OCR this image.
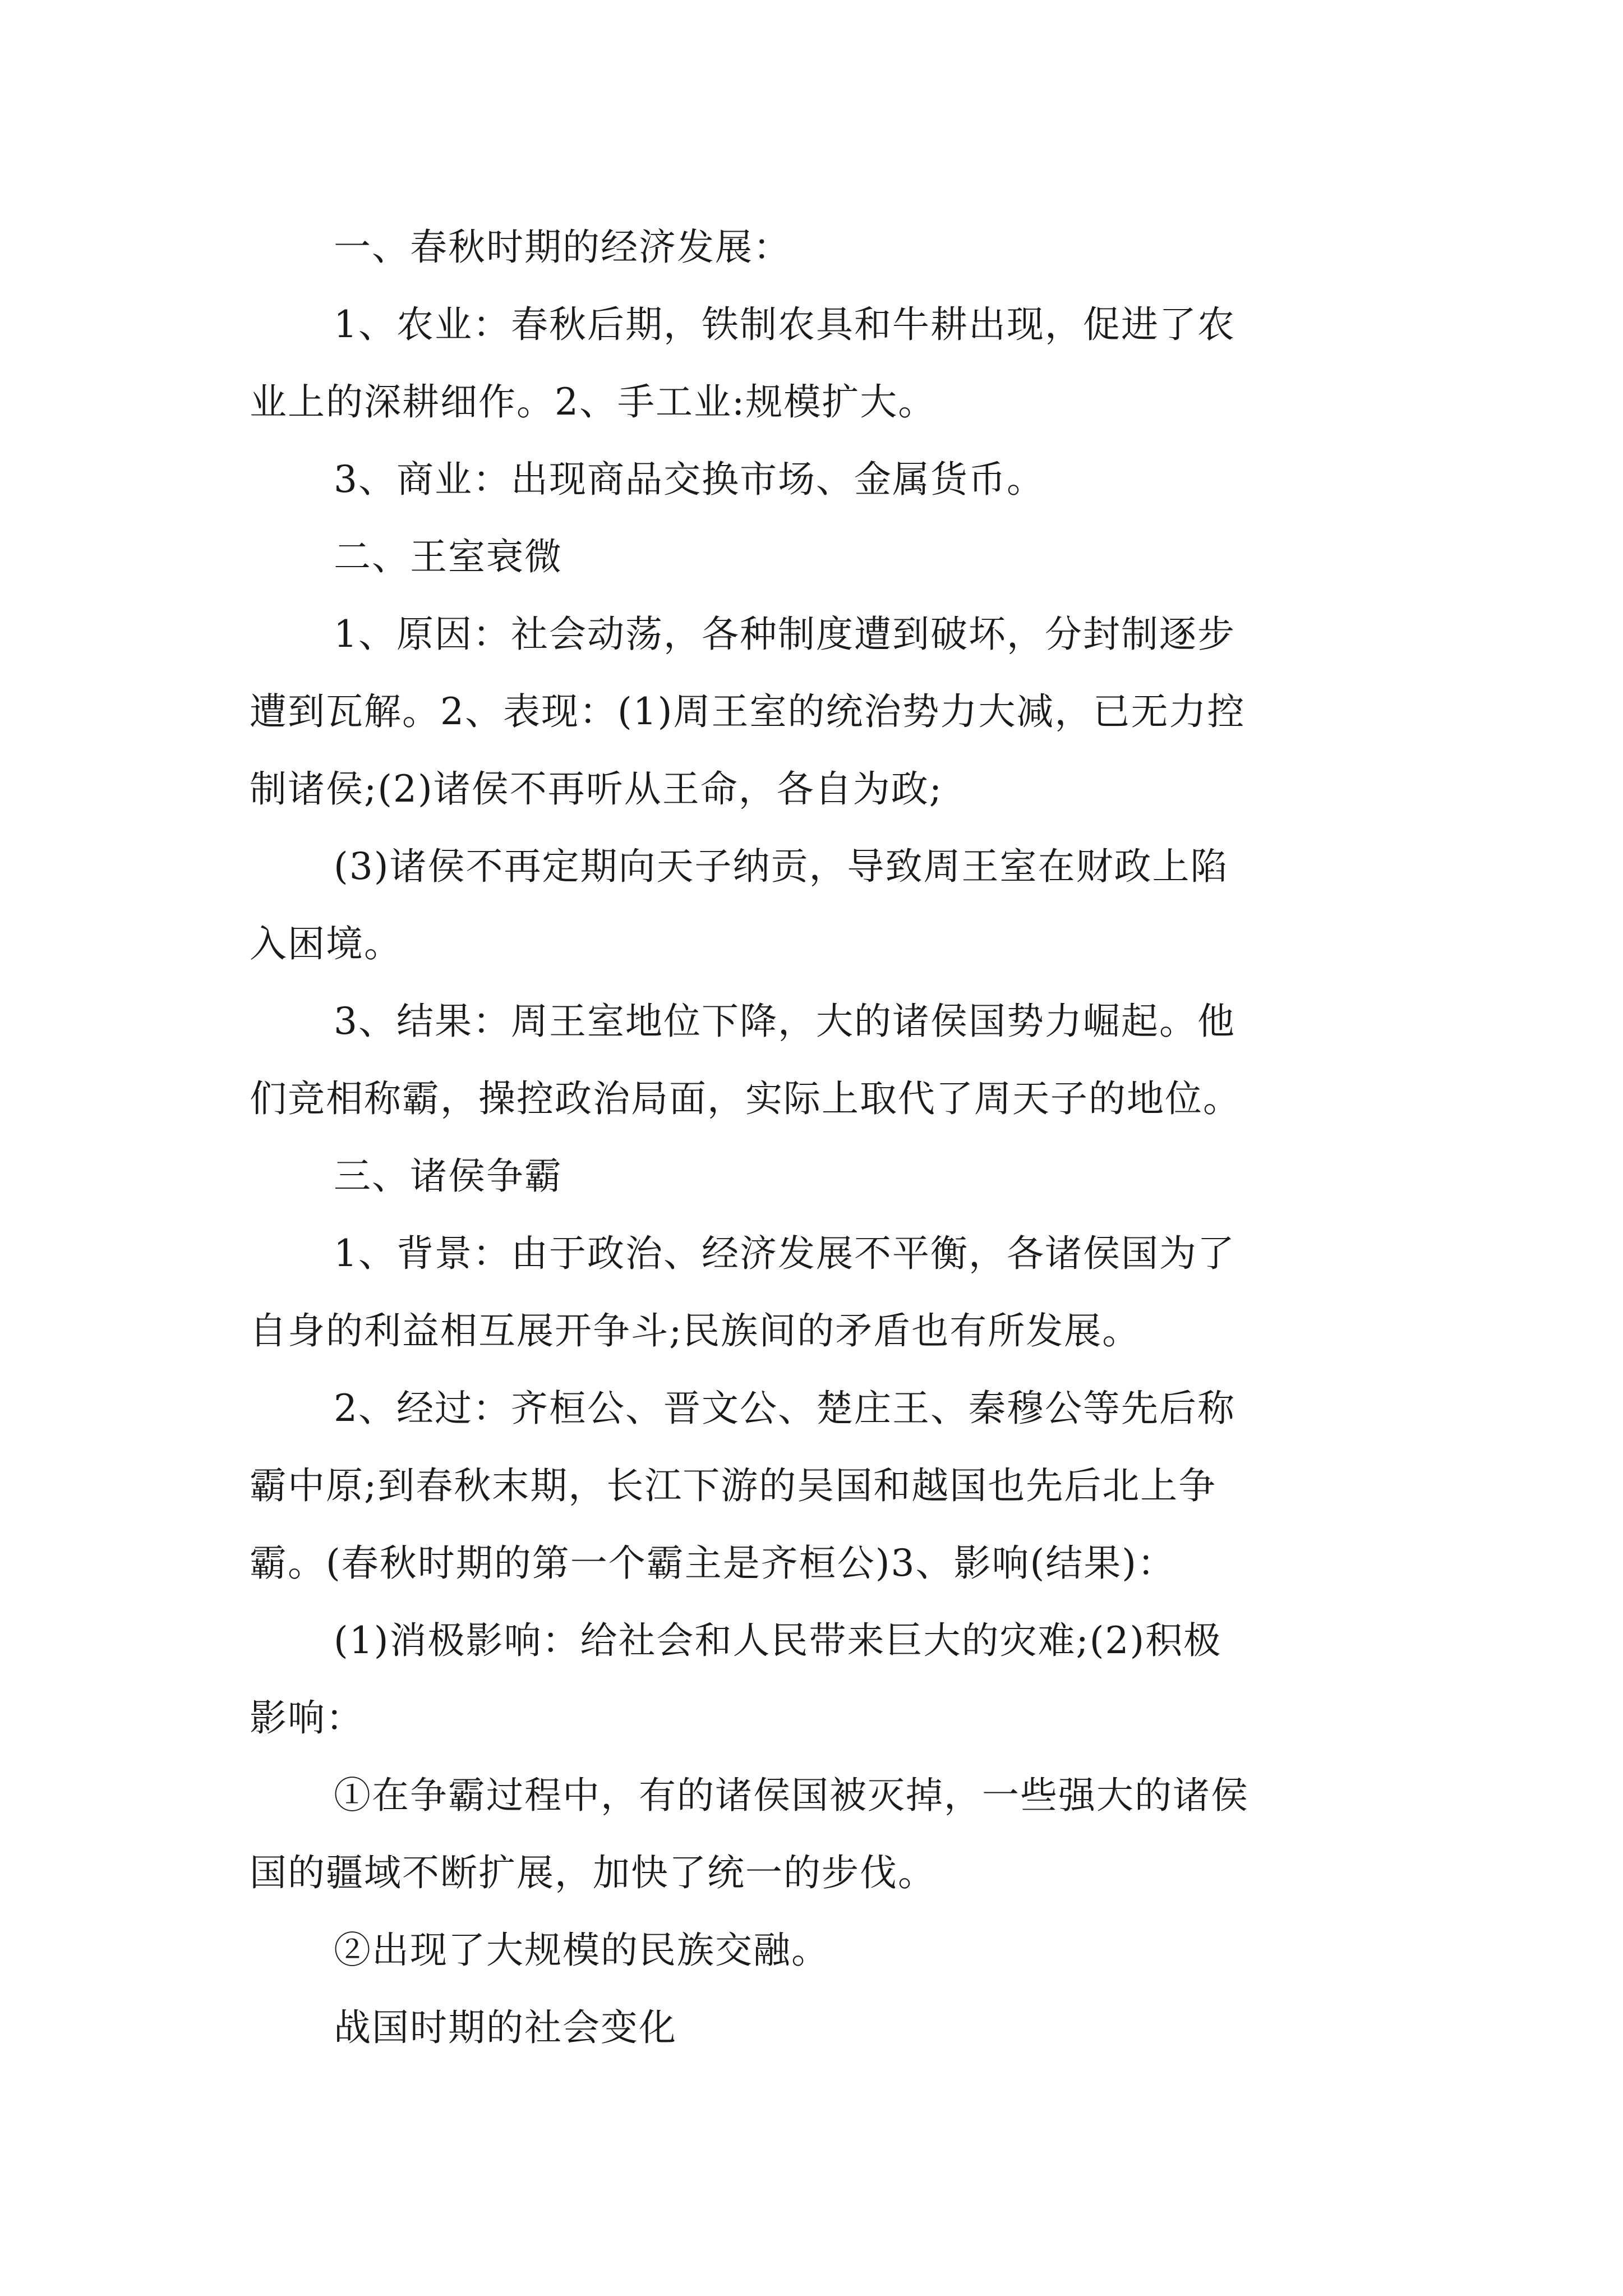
一、春秋时期的经济发展：
1、农业：春秋后期，铁制农具和牛耕出现，促进了农
业上的深耕细作。2、手工业:规模扩大。
3、商业：出现商品交换市场、金属货币。
二、王室衰微
1、原因：社会动荡，各种制度遭到破坏，分封制逐步
遭到瓦解。2、表现：(1)周王室的统治势力大减，已无力控
制诸侯;(2)诸侯不再听从王命，各自为政;
(3)诸侯不再定期向天子纳贡，导致周王室在财政上陷
入困境。
3、结果：周王室地位下降，大的诸侯国势力崛起。他
们竞相称霸，操控政治局面，实际上取代了周天子的地位。
三、诸侯争霸
1、背景：由于政治、经济发展不平衡，各诸侯国为了
自身的利益相互展开争斗;民族间的矛盾也有所发展。
2、经过：齐桓公、晋文公、楚庄王、秦穆公等先后称
霸中原;到春秋末期，长江下游的吴国和越国也先后北上争
霸。(春秋时期的第一个霸主是齐桓公)3、影响(结果)：
(1)消极影响：给社会和人民带来巨大的灾难;(2)积极
影响：
①在争霸过程中，有的诸侯国被灭掉，一些强大的诸侯
国的疆域不断扩展，加快了统一的步伐。
②出现了大规模的民族交融。
战国时期的社会变化
